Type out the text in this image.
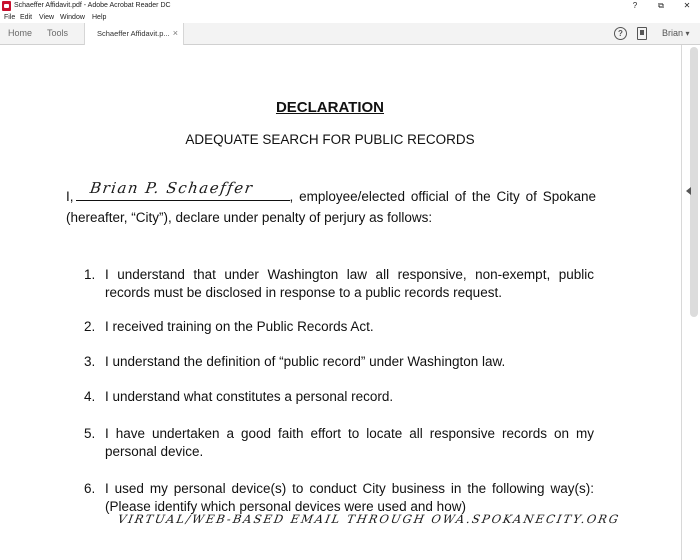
Schaeffer Affidavit.pdf - Adobe Acrobat Reader DC	?	⧉	✕
File Edit View Window Help
Home Tools	Schaeffer Affidavit.p... ×	?	Brian ▾
DECLARATION
ADEQUATE SEARCH FOR PUBLIC RECORDS
I, Brian P. Schaeffer	, employee/elected official of the City of Spokane (hereafter, “City”), declare under penalty of perjury as follows:
1. I understand that under Washington law all responsive, non-exempt, public records must be disclosed in response to a public records request.
2. I received training on the Public Records Act.
3. I understand the definition of “public record” under Washington law.
4. I understand what constitutes a personal record.
5. I have undertaken a good faith effort to locate all responsive records on my personal device.
6. I used my personal device(s) to conduct City business in the following way(s): (Please identify which personal devices were used and how)
VIRTUAL/WEB-BASED EMAIL THROUGH OWA.SPOKANECITY.ORG
